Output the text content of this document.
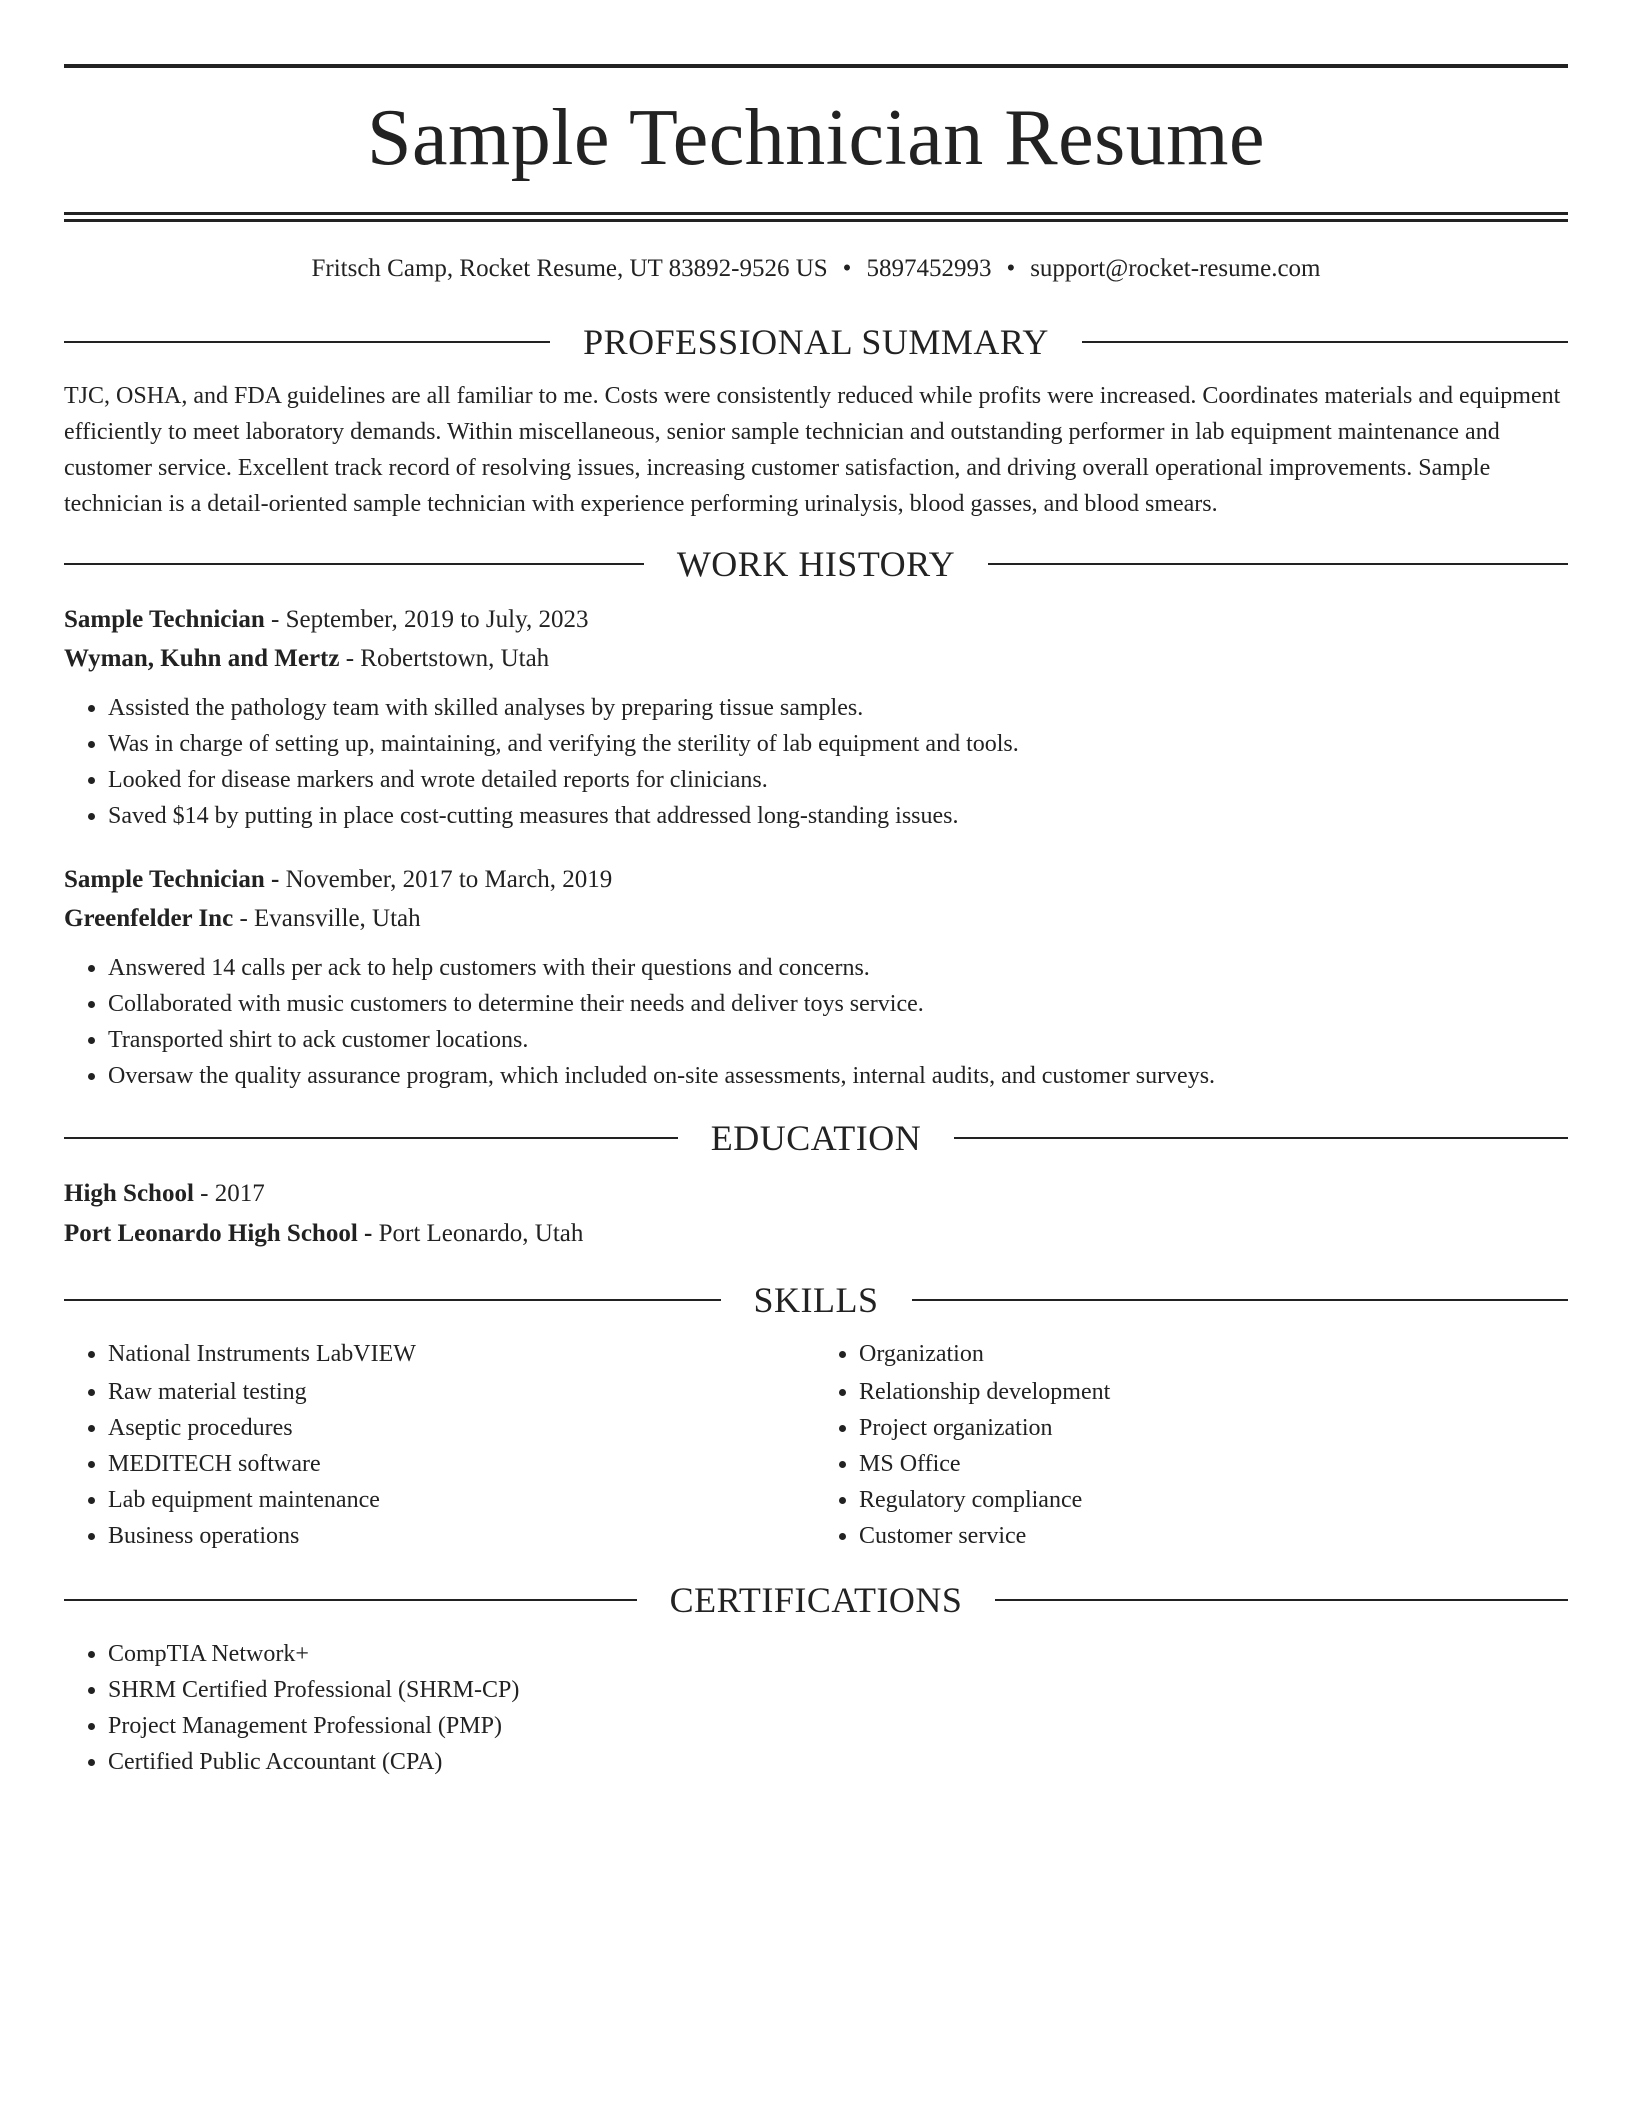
Sample Technician Resume
Fritsch Camp, Rocket Resume, UT 83892-9526 US • 5897452993 • support@rocket-resume.com
PROFESSIONAL SUMMARY

TJC, OSHA, and FDA guidelines are all familiar to me. Costs were consistently reduced while profits were increased. Coordinates materials and equipment efficiently to meet laboratory demands. Within miscellaneous, senior sample technician and outstanding performer in lab equipment maintenance and customer service. Excellent track record of resolving issues, increasing customer satisfaction, and driving overall operational improvements. Sample technician is a detail-oriented sample technician with experience performing urinalysis, blood gasses, and blood smears.

WORK HISTORY
Sample Technician - September, 2019 to July, 2023
Wyman, Kuhn and Mertz - Robertstown, Utah
• Assisted the pathology team with skilled analyses by preparing tissue samples.
• Was in charge of setting up, maintaining, and verifying the sterility of lab equipment and tools.
• Looked for disease markers and wrote detailed reports for clinicians.
• Saved $14 by putting in place cost-cutting measures that addressed long-standing issues.
Sample Technician - November, 2017 to March, 2019
Greenfelder Inc - Evansville, Utah
• Answered 14 calls per ack to help customers with their questions and concerns.
• Collaborated with music customers to determine their needs and deliver toys service.
• Transported shirt to ack customer locations.
• Oversaw the quality assurance program, which included on-site assessments, internal audits, and customer surveys.
EDUCATION
High School - 2017
Port Leonardo High School - Port Leonardo, Utah
SKILLS
• National Instruments LabVIEW
• Raw material testing
• Aseptic procedures
• MEDITECH software
• Lab equipment maintenance
• Business operations
• Organization
• Relationship development
• Project organization
• MS Office
• Regulatory compliance
• Customer service
CERTIFICATIONS
• CompTIA Network+
• SHRM Certified Professional (SHRM-CP)
• Project Management Professional (PMP)
• Certified Public Accountant (CPA)
